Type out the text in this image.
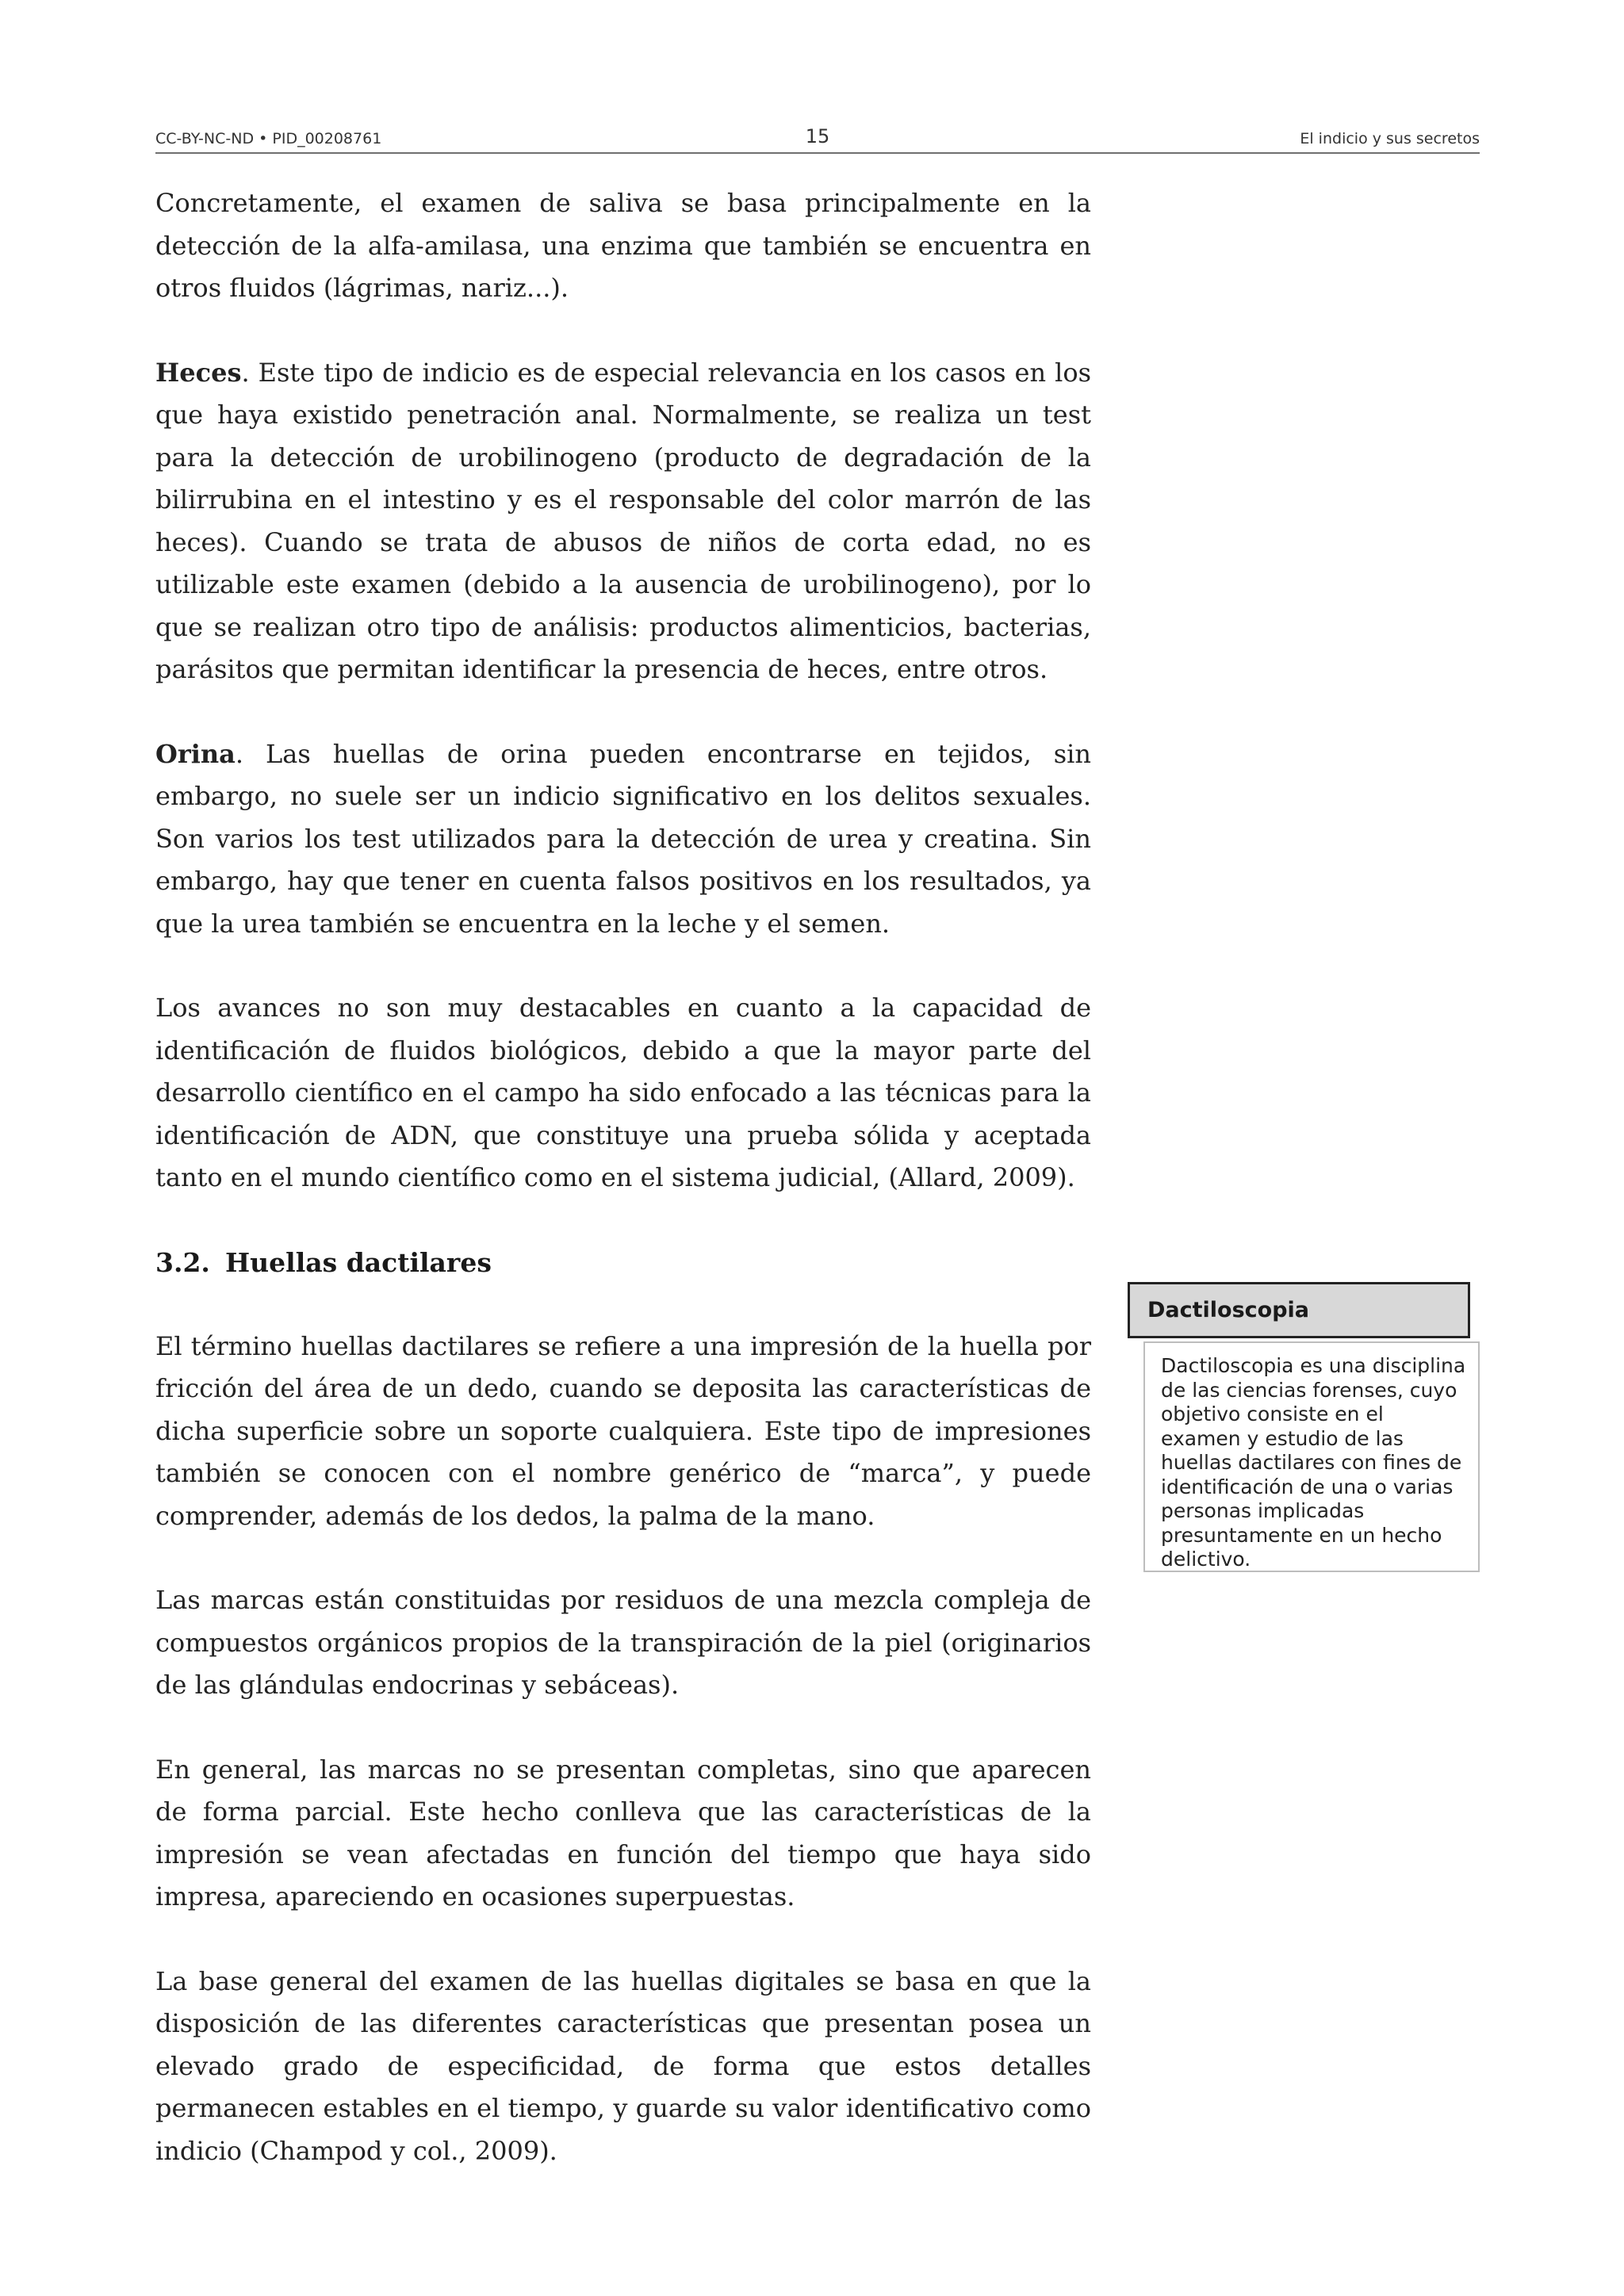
CC-BY-NC-ND • PID_00208761	15	El indicio y sus secretos

Concretamente, el examen de saliva se basa principalmente en la detección de la alfa-amilasa, una enzima que también se encuentra en otros fluidos (lágrimas, nariz...).

Heces. Este tipo de indicio es de especial relevancia en los casos en los que haya existido penetración anal. Normalmente, se realiza un test para la detección de urobilinogeno (producto de degradación de la bilirrubina en el intestino y es el responsable del color marrón de las heces). Cuando se trata de abusos de niños de corta edad, no es utilizable este examen (debido a la ausencia de urobilinogeno), por lo que se realizan otro tipo de análisis: productos alimenticios, bacterias, parásitos que permitan identificar la presencia de heces, entre otros.

Orina. Las huellas de orina pueden encontrarse en tejidos, sin embargo, no suele ser un indicio significativo en los delitos sexuales. Son varios los test utilizados para la detección de urea y creatina. Sin embargo, hay que tener en cuenta falsos positivos en los resultados, ya que la urea también se encuentra en la leche y el semen.

Los avances no son muy destacables en cuanto a la capacidad de identificación de fluidos biológicos, debido a que la mayor parte del desarrollo científico en el campo ha sido enfocado a las técnicas para la identificación de ADN, que constituye una prueba sólida y aceptada tanto en el mundo científico como en el sistema judicial, (Allard, 2009).

3.2. Huellas dactilares

El término huellas dactilares se refiere a una impresión de la huella por fricción del área de un dedo, cuando se deposita las características de dicha superficie sobre un soporte cualquiera. Este tipo de impresiones también se conocen con el nombre genérico de “marca”, y puede comprender, además de los dedos, la palma de la mano.

Las marcas están constituidas por residuos de una mezcla compleja de compuestos orgánicos propios de la transpiración de la piel (originarios de las glándulas endocrinas y sebáceas).

En general, las marcas no se presentan completas, sino que aparecen de forma parcial. Este hecho conlleva que las características de la impresión se vean afectadas en función del tiempo que haya sido impresa, apareciendo en ocasiones superpuestas.

La base general del examen de las huellas digitales se basa en que la disposición de las diferentes características que presentan posea un elevado grado de especificidad, de forma que estos detalles permanecen estables en el tiempo, y guarde su valor identificativo como indicio (Champod y col., 2009).

Dactiloscopia
Dactiloscopia es una disciplina de las ciencias forenses, cuyo objetivo consiste en el examen y estudio de las huellas dactilares con fines de identificación de una o varias personas implicadas presuntamente en un hecho delictivo.
